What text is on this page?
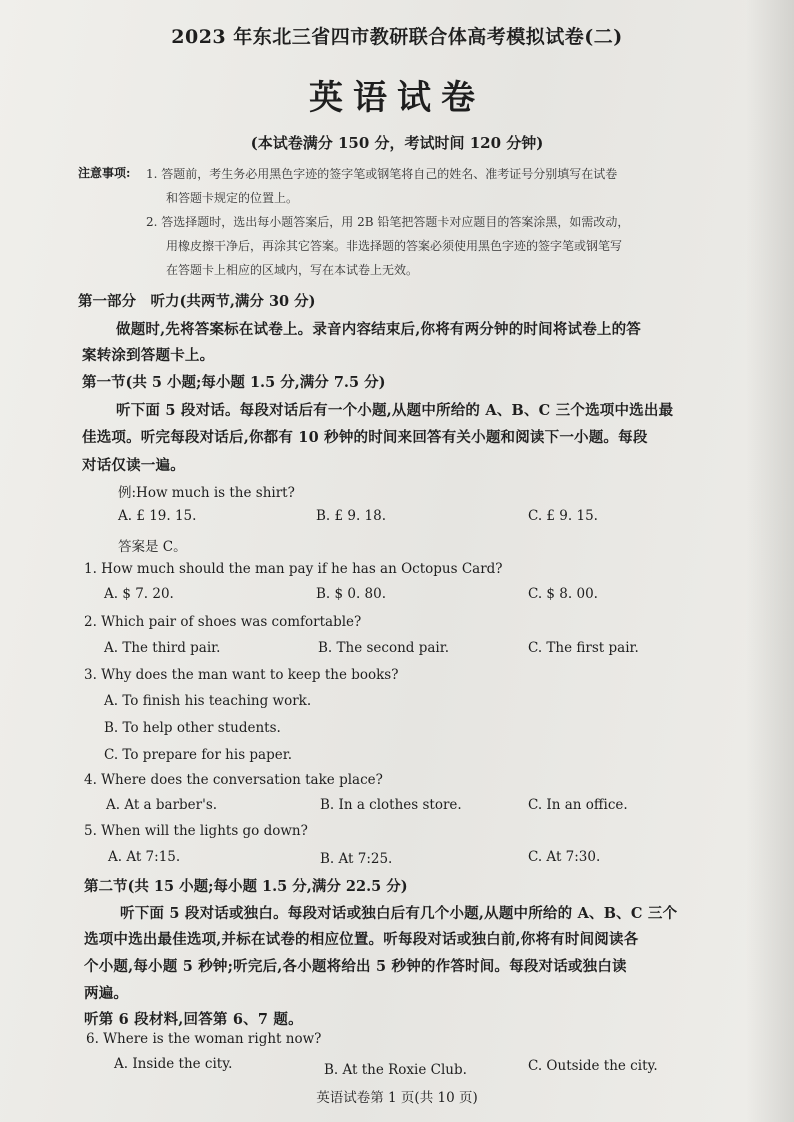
2023 年东北三省四市教研联合体高考模拟试卷(二)
英语试卷
(本试卷满分 150 分，考试时间 120 分钟)
注意事项: 1. 答题前，考生务必用黑色字迹的签字笔或钢笔将自己的姓名、准考证号分别填写在试卷
和答题卡规定的位置上。
2. 答选择题时，选出每小题答案后，用 2B 铅笔把答题卡对应题目的答案涂黑，如需改动，
用橡皮擦干净后，再涂其它答案。非选择题的答案必须使用黑色字迹的签字笔或钢笔写
在答题卡上相应的区域内，写在本试卷上无效。
第一部分　听力(共两节,满分 30 分)
做题时,先将答案标在试卷上。录音内容结束后,你将有两分钟的时间将试卷上的答
案转涂到答题卡上。
第一节(共 5 小题;每小题 1.5 分,满分 7.5 分)
听下面 5 段对话。每段对话后有一个小题,从题中所给的 A、B、C 三个选项中选出最
佳选项。听完每段对话后,你都有 10 秒钟的时间来回答有关小题和阅读下一小题。每段
对话仅读一遍。
例:How much is the shirt?
A. £ 19. 15.	B. £ 9. 18.	C. £ 9. 15.
答案是 C。
1. How much should the man pay if he has an Octopus Card?
A. $ 7. 20.	B. $ 0. 80.	C. $ 8. 00.
2. Which pair of shoes was comfortable?
A. The third pair.	B. The second pair.	C. The first pair.
3. Why does the man want to keep the books?
A. To finish his teaching work.
B. To help other students.
C. To prepare for his paper.
4. Where does the conversation take place?
A. At a barber's.	B. In a clothes store.	C. In an office.
5. When will the lights go down?
A. At 7:15.	B. At 7:25.	C. At 7:30.
第二节(共 15 小题;每小题 1.5 分,满分 22.5 分)
听下面 5 段对话或独白。每段对话或独白后有几个小题,从题中所给的 A、B、C 三个
选项中选出最佳选项,并标在试卷的相应位置。听每段对话或独白前,你将有时间阅读各
个小题,每小题 5 秒钟;听完后,各小题将给出 5 秒钟的作答时间。每段对话或独白读
两遍。
听第 6 段材料,回答第 6、7 题。
6. Where is the woman right now?
A. Inside the city.	B. At the Roxie Club.	C. Outside the city.
英语试卷第 1 页(共 10 页)
